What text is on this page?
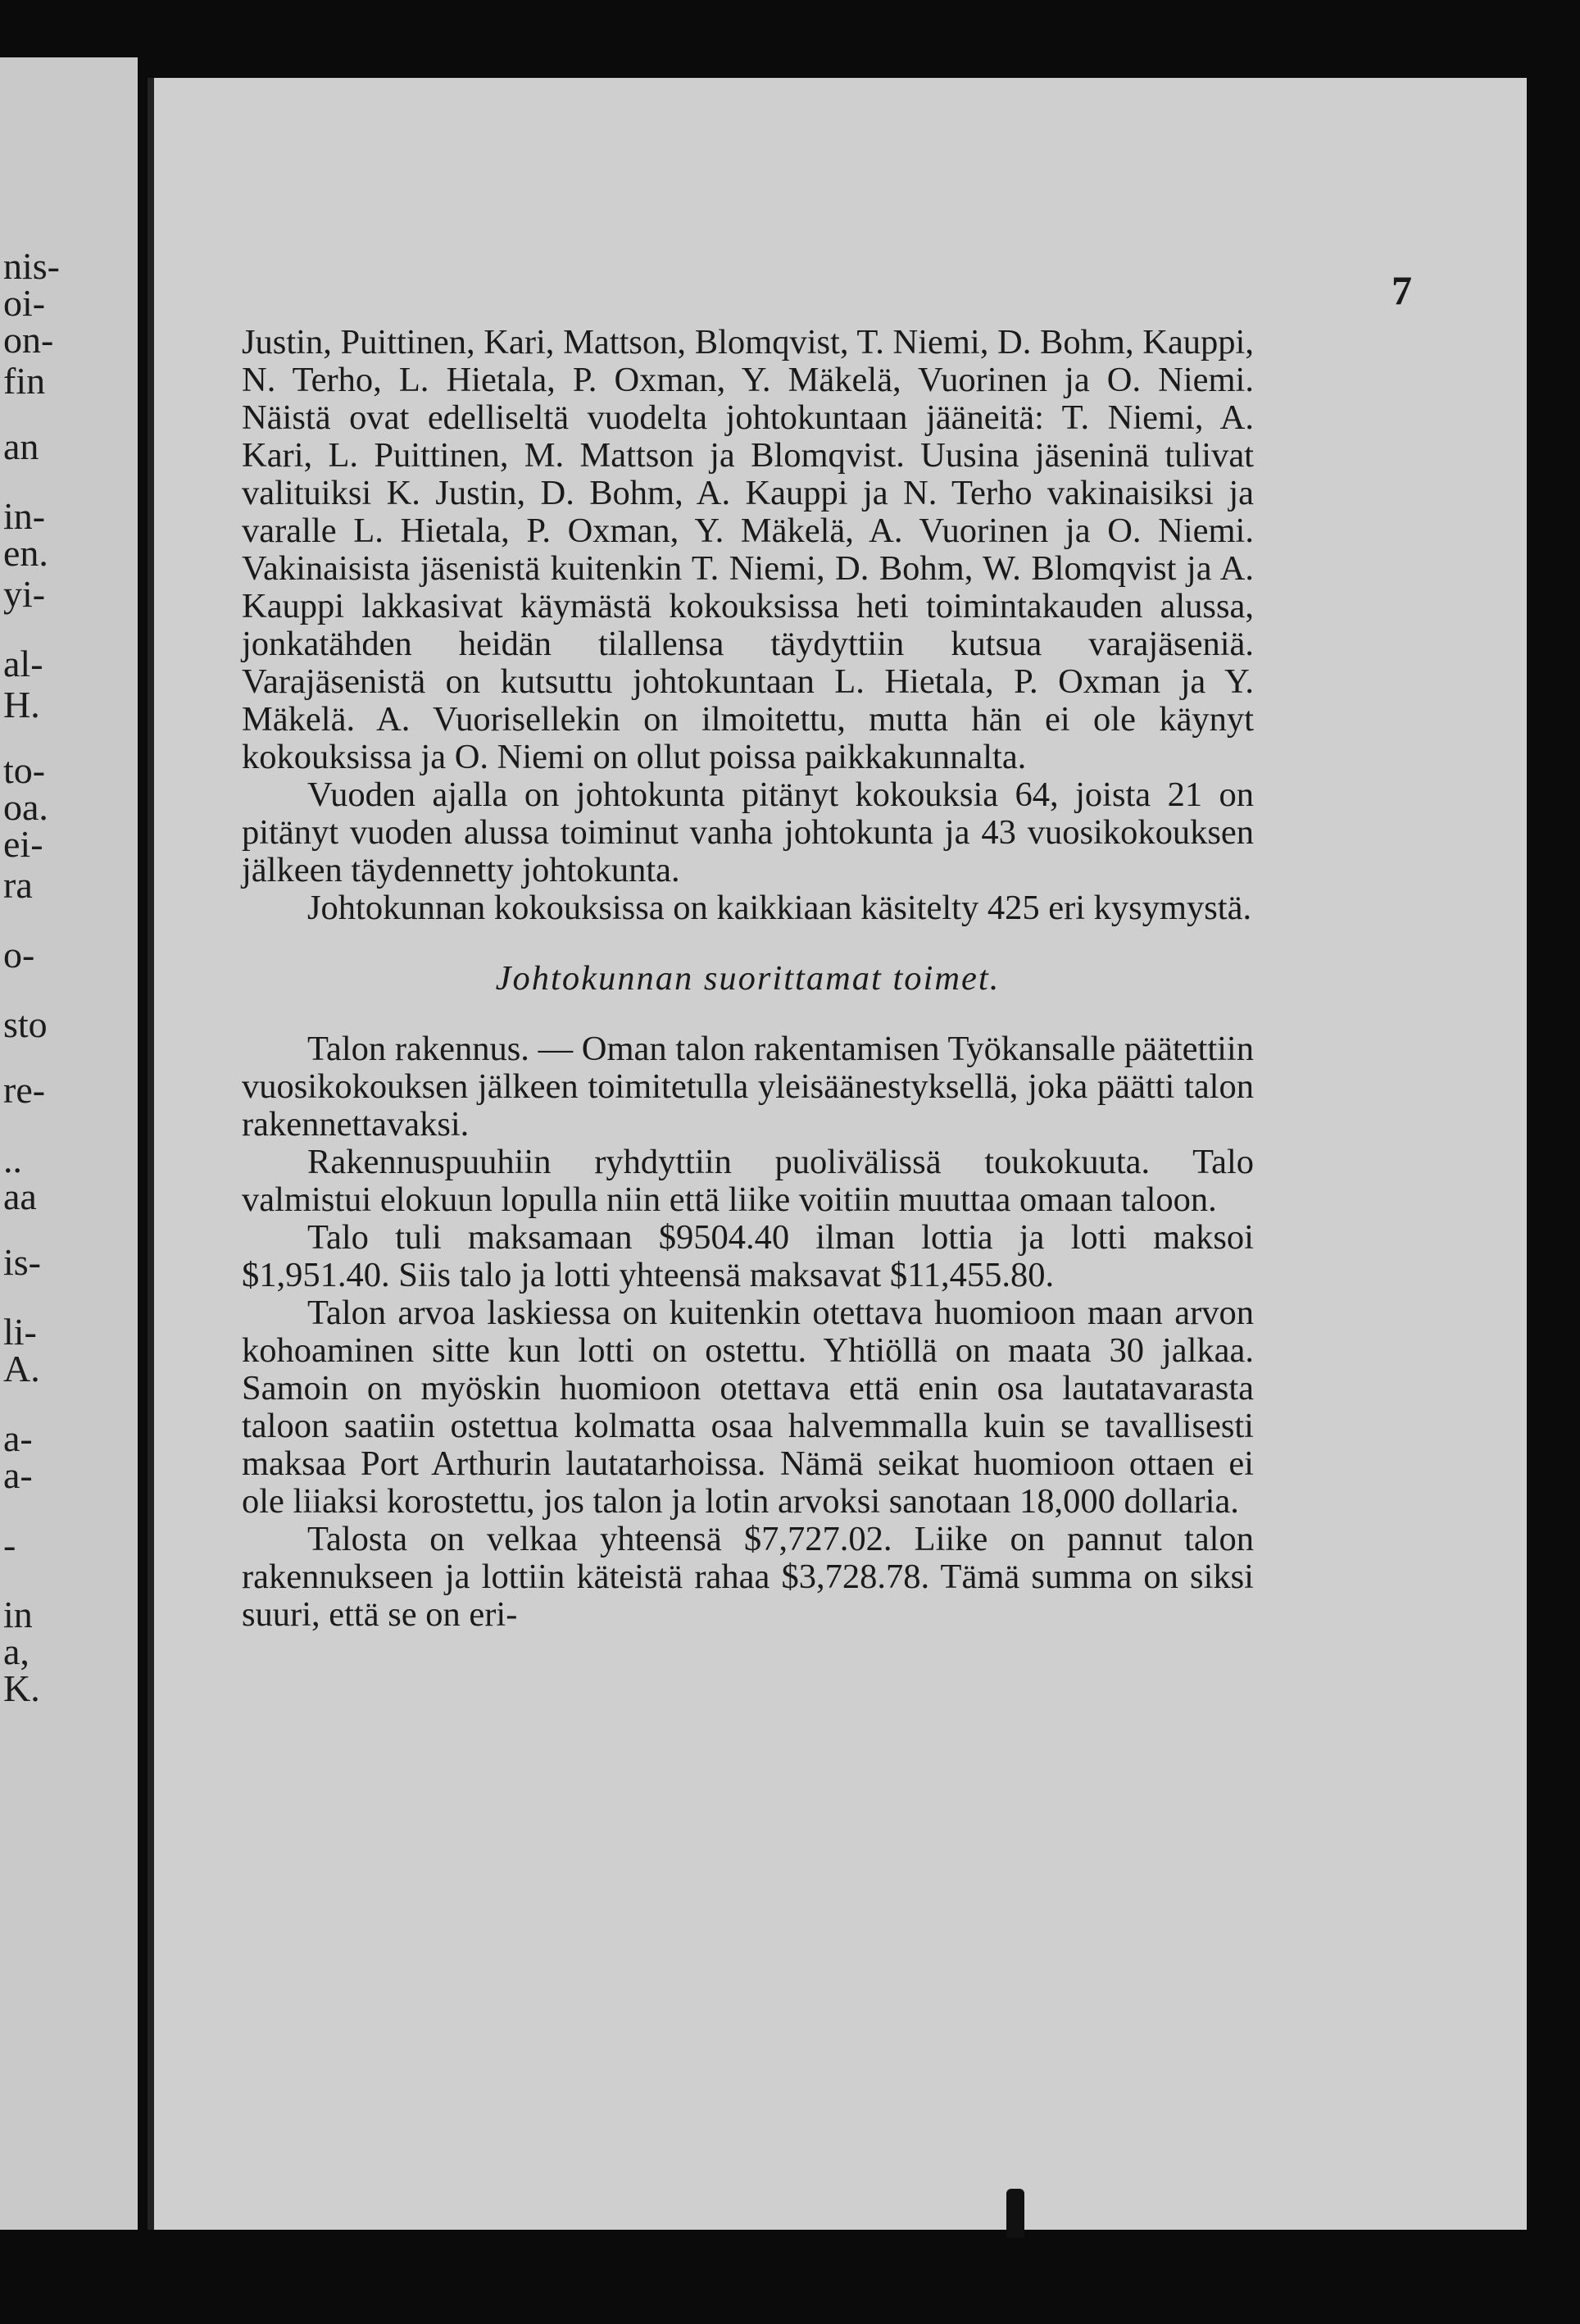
nis-
oi-
on-
fin
an
in-
en.
yi-
al-
H.
to-
oa.
ei-
ra
o-
sto
re-
..
aa
is-
li-
A.
a-
a-
-
in
a,
K.
7

Justin, Puittinen, Kari, Mattson, Blomqvist, T. Niemi, D. Bohm, Kauppi, N. Terho, L. Hietala, P. Oxman, Y. Mäkelä, Vuorinen ja O. Niemi. Näistä ovat edelliseltä vuodelta johtokuntaan jääneitä: T. Niemi, A. Kari, L. Puittinen, M. Mattson ja Blomqvist. Uusina jäseninä tulivat valituiksi K. Justin, D. Bohm, A. Kauppi ja N. Terho vakinaisiksi ja varalle L. Hietala, P. Oxman, Y. Mäkelä, A. Vuorinen ja O. Niemi. Vakinaisista jäsenistä kuitenkin T. Niemi, D. Bohm, W. Blomqvist ja A. Kauppi lakkasivat käymästä kokouksissa heti toimintakauden alussa, jonkatähden heidän tilallensa täydyttiin kutsua varajäseniä. Varajäsenistä on kutsuttu johtokuntaan L. Hietala, P. Oxman ja Y. Mäkelä. A. Vuorisellekin on ilmoitettu, mutta hän ei ole käynyt kokouksissa ja O. Niemi on ollut poissa paikkakunnalta.

Vuoden ajalla on johtokunta pitänyt kokouksia 64, joista 21 on pitänyt vuoden alussa toiminut vanha johtokunta ja 43 vuosikokouksen jälkeen täydennetty johtokunta.

Johtokunnan kokouksissa on kaikkiaan käsitelty 425 eri kysymystä.

Johtokunnan suorittamat toimet.

Talon rakennus. — Oman talon rakentamisen Työkansalle päätettiin vuosikokouksen jälkeen toimitetulla yleisäänestyksellä, joka päätti talon rakennettavaksi.

Rakennuspuuhiin ryhdyttiin puolivälissä toukokuuta. Talo valmistui elokuun lopulla niin että liike voitiin muuttaa omaan taloon.

Talo tuli maksamaan $9504.40 ilman lottia ja lotti maksoi $1,951.40. Siis talo ja lotti yhteensä maksavat $11,455.80.

Talon arvoa laskiessa on kuitenkin otettava huomioon maan arvon kohoaminen sitte kun lotti on ostettu. Yhtiöllä on maata 30 jalkaa. Samoin on myöskin huomioon otettava että enin osa lautatavarasta taloon saatiin ostettua kolmatta osaa halvemmalla kuin se tavallisesti maksaa Port Arthurin lautatarhoissa. Nämä seikat huomioon ottaen ei ole liiaksi korostettu, jos talon ja lotin arvoksi sanotaan 18,000 dollaria.

Talosta on velkaa yhteensä $7,727.02. Liike on pannut talon rakennukseen ja lottiin käteistä rahaa $3,728.78. Tämä summa on siksi suuri, että se on eri-
